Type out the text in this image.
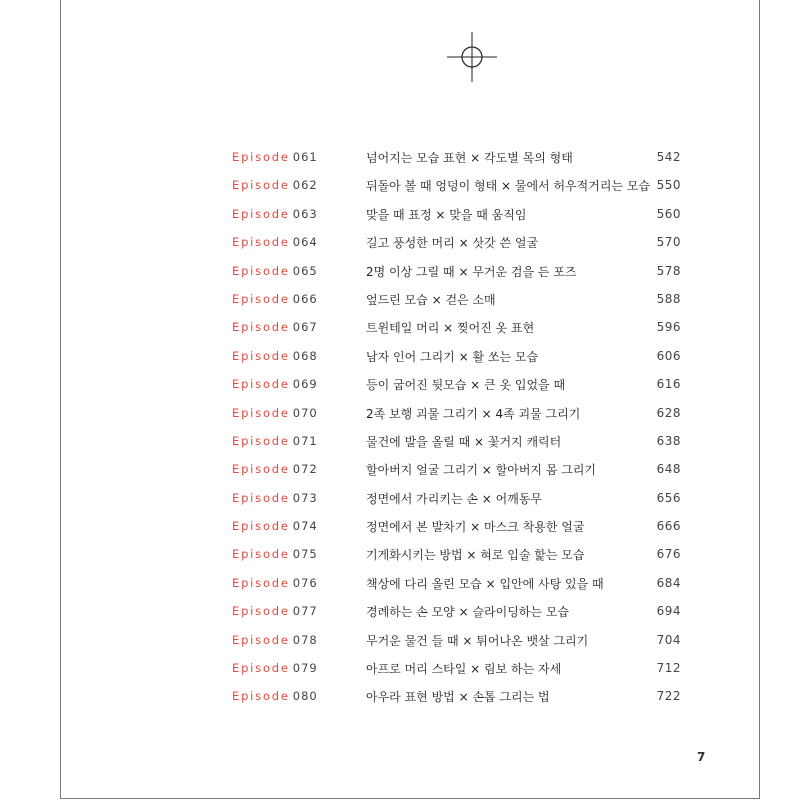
Episode 061	넘어지는 모습 표현 × 각도별 목의 형태	542
Episode 062	뒤돌아 볼 때 엉덩이 형태 × 물에서 허우적거리는 모습 550
Episode 063	맞을 때 표정 × 맞을 때 움직임	560
Episode 064	길고 풍성한 머리 × 삿갓 쓴 얼굴	570
Episode 065	2명 이상 그릴 때 × 무거운 검을 든 포즈	578
Episode 066	엎드린 모습 × 걷은 소매	588
Episode 067	트윈테일 머리 × 찢어진 옷 표현	596
Episode 068	남자 인어 그리기 × 활 쏘는 모습	606
Episode 069	등이 굽어진 뒷모습 × 큰 옷 입었을 때	616
Episode 070	2족 보행 괴물 그리기 × 4족 괴물 그리기	628
Episode 071	물건에 발을 올릴 때 × 꽃거지 캐릭터	638
Episode 072	할아버지 얼굴 그리기 × 할아버지 몸 그리기	648
Episode 073	정면에서 가리키는 손 × 어깨동무	656
Episode 074	정면에서 본 발차기 × 마스크 착용한 얼굴	666
Episode 075	기게화시키는 방법 × 혀로 입술 핥는 모습	676
Episode 076	책상에 다리 올린 모습 × 입안에 사탕 있을 때	684
Episode 077	경례하는 손 모양 × 슬라이딩하는 모습	694
Episode 078	무거운 물건 들 때 × 튀어나온 뱃살 그리기	704
Episode 079	아프로 머리 스타일 × 림보 하는 자세	712
Episode 080	아우라 표현 방법 × 손톱 그리는 법	722
7
